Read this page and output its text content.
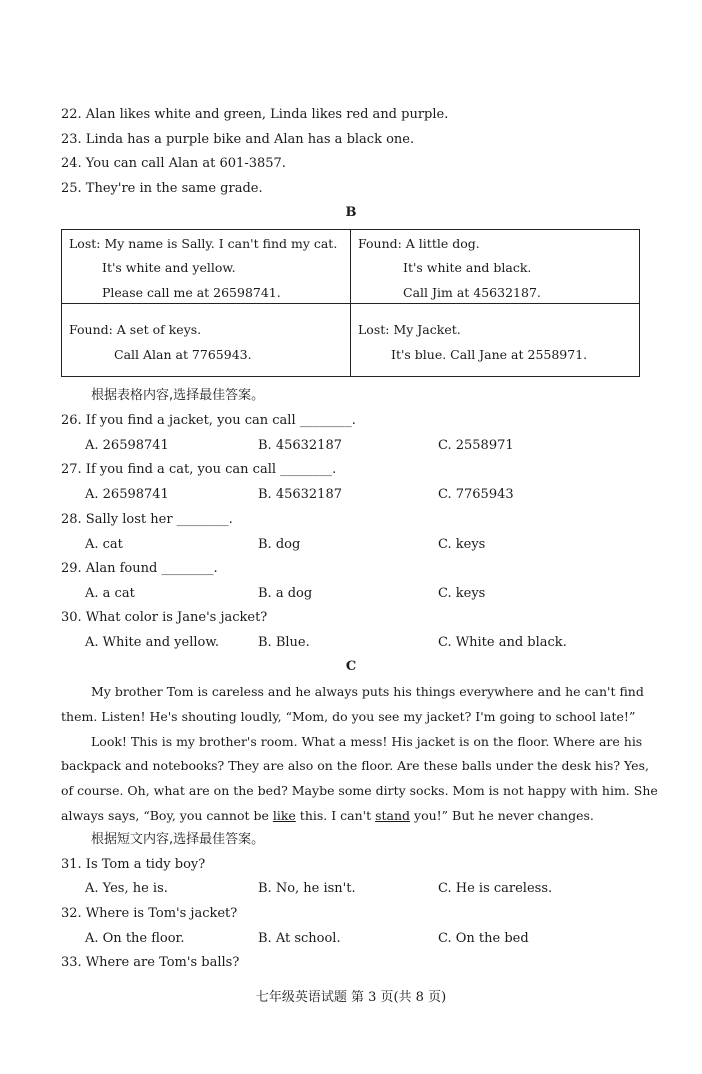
22. Alan likes white and green, Linda likes red and purple.
23. Linda has a purple bike and Alan has a black one.
24. You can call Alan at 601-3857.
25. They're in the same grade.
B
Lost: My name is Sally. I can't find my cat.
It's white and yellow.
Please call me at 26598741.
Found: A little dog.
It's white and black.
Call Jim at 45632187.
Found: A set of keys.
Call Alan at 7765943.
Lost: My Jacket.
It's blue. Call Jane at 2558971.
根据表格内容,选择最佳答案。
26. If you find a jacket, you can call ________.
A. 26598741	B. 45632187	C. 2558971
27. If you find a cat, you can call ________.
A. 26598741	B. 45632187	C. 7765943
28. Sally lost her ________.
A. cat	B. dog	C. keys
29. Alan found ________.
A. a cat	B. a dog	C. keys
30. What color is Jane's jacket?
A. White and yellow.	B. Blue.	C. White and black.
C
My brother Tom is careless and he always puts his things everywhere and he can't find
them. Listen! He's shouting loudly, “Mom, do you see my jacket? I'm going to school late!”
Look! This is my brother's room. What a mess! His jacket is on the floor. Where are his
backpack and notebooks? They are also on the floor. Are these balls under the desk his? Yes,
of course. Oh, what are on the bed? Maybe some dirty socks. Mom is not happy with him. She
always says, “Boy, you cannot be like this. I can't stand you!” But he never changes.
根据短文内容,选择最佳答案。
31. Is Tom a tidy boy?
A. Yes, he is.	B. No, he isn't.	C. He is careless.
32. Where is Tom's jacket?
A. On the floor.	B. At school.	C. On the bed
33. Where are Tom's balls?
七年级英语试题 第 3 页(共 8 页)
